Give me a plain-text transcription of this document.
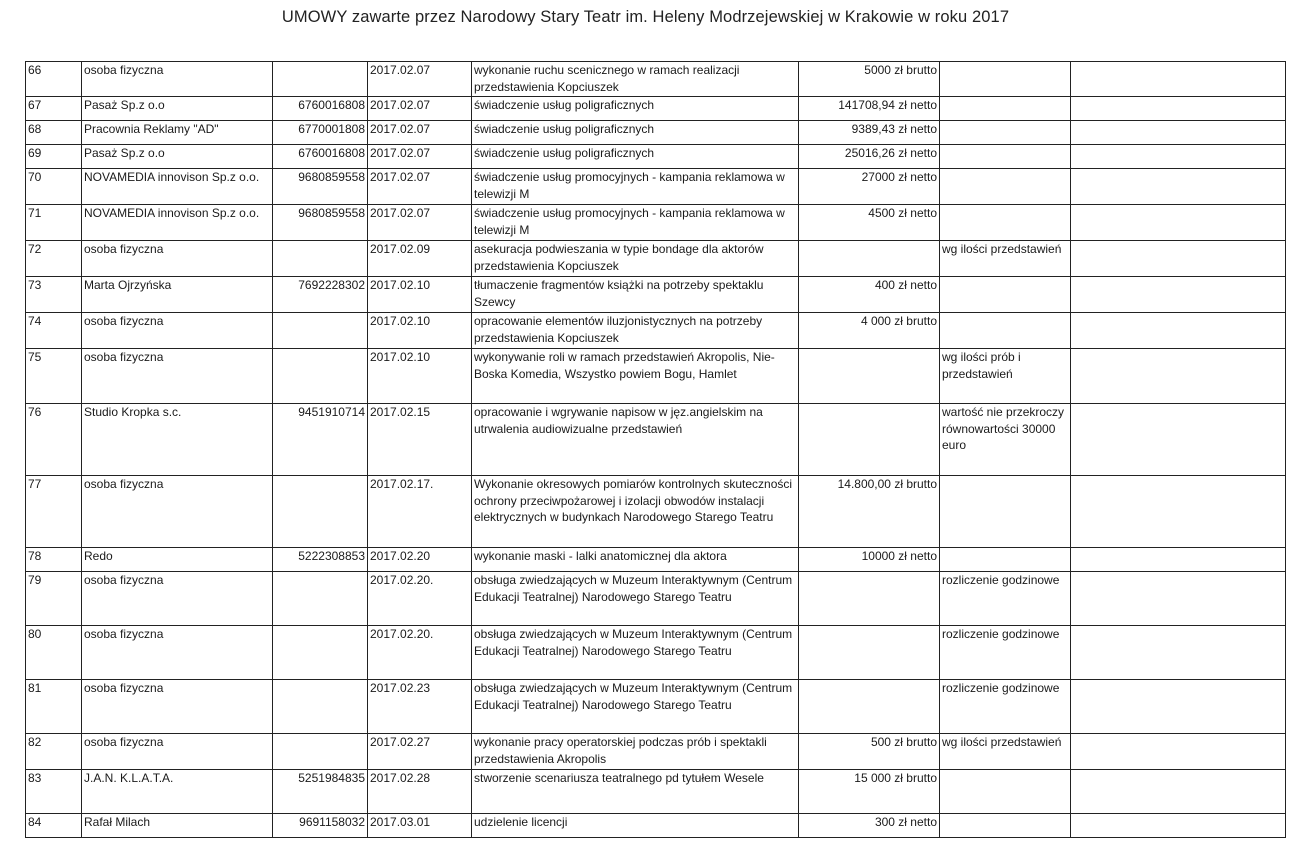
UMOWY zawarte przez Narodowy Stary Teatr im. Heleny Modrzejewskiej w Krakowie w roku 2017
66	osoba fizyczna		2017.02.07	wykonanie ruchu scenicznego w ramach realizacji przedstawienia Kopciuszek	5000 zł brutto		
67	Pasaż Sp.z o.o	6760016808	2017.02.07	świadczenie usług poligraficznych	141708,94 zł netto		
68	Pracownia Reklamy "AD"	6770001808	2017.02.07	świadczenie usług poligraficznych	9389,43 zł netto		
69	Pasaż Sp.z o.o	6760016808	2017.02.07	świadczenie usług poligraficznych	25016,26 zł netto		
70	NOVAMEDIA innovison Sp.z o.o.	9680859558	2017.02.07	świadczenie usług promocyjnych - kampania reklamowa w telewizji M	27000 zł netto		
71	NOVAMEDIA innovison Sp.z o.o.	9680859558	2017.02.07	świadczenie usług promocyjnych - kampania reklamowa w telewizji M	4500 zł netto		
72	osoba fizyczna		2017.02.09	asekuracja podwieszania w typie bondage dla aktorów przedstawienia Kopciuszek		wg ilości przedstawień	
73	Marta Ojrzyńska	7692228302	2017.02.10	tłumaczenie fragmentów książki na potrzeby spektaklu Szewcy	400 zł netto		
74	osoba fizyczna		2017.02.10	opracowanie elementów iluzjonistycznych na potrzeby przedstawienia Kopciuszek	4 000 zł brutto		
75	osoba fizyczna		2017.02.10	wykonywanie roli w ramach przedstawień Akropolis, Nie-Boska Komedia, Wszystko powiem Bogu, Hamlet		wg ilości prób i przedstawień	
76	Studio Kropka s.c.	9451910714	2017.02.15	opracowanie i wgrywanie napisow w jęz.angielskim na utrwalenia audiowizualne przedstawień		wartość nie przekroczy równowartości 30000 euro	
77	osoba fizyczna		2017.02.17.	Wykonanie okresowych pomiarów kontrolnych skuteczności ochrony przeciwpożarowej i izolacji obwodów instalacji elektrycznych w budynkach Narodowego Starego Teatru	14.800,00 zł brutto		
78	Redo	5222308853	2017.02.20	wykonanie maski - lalki anatomicznej dla aktora	10000 zł netto		
79	osoba fizyczna		2017.02.20.	obsługa zwiedzających w Muzeum Interaktywnym (Centrum Edukacji Teatralnej) Narodowego Starego Teatru		rozliczenie godzinowe	
80	osoba fizyczna		2017.02.20.	obsługa zwiedzających w Muzeum Interaktywnym (Centrum Edukacji Teatralnej) Narodowego Starego Teatru		rozliczenie godzinowe	
81	osoba fizyczna		2017.02.23	obsługa zwiedzających w Muzeum Interaktywnym (Centrum Edukacji Teatralnej) Narodowego Starego Teatru		rozliczenie godzinowe	
82	osoba fizyczna		2017.02.27	wykonanie pracy operatorskiej podczas prób i spektakli przedstawienia Akropolis	500 zł brutto	wg ilości przedstawień	
83	J.A.N. K.L.A.T.A.	5251984835	2017.02.28	stworzenie scenariusza teatralnego pd tytułem Wesele	15 000 zł brutto		
84	Rafał Milach	9691158032	2017.03.01	udzielenie licencji	300 zł netto		
